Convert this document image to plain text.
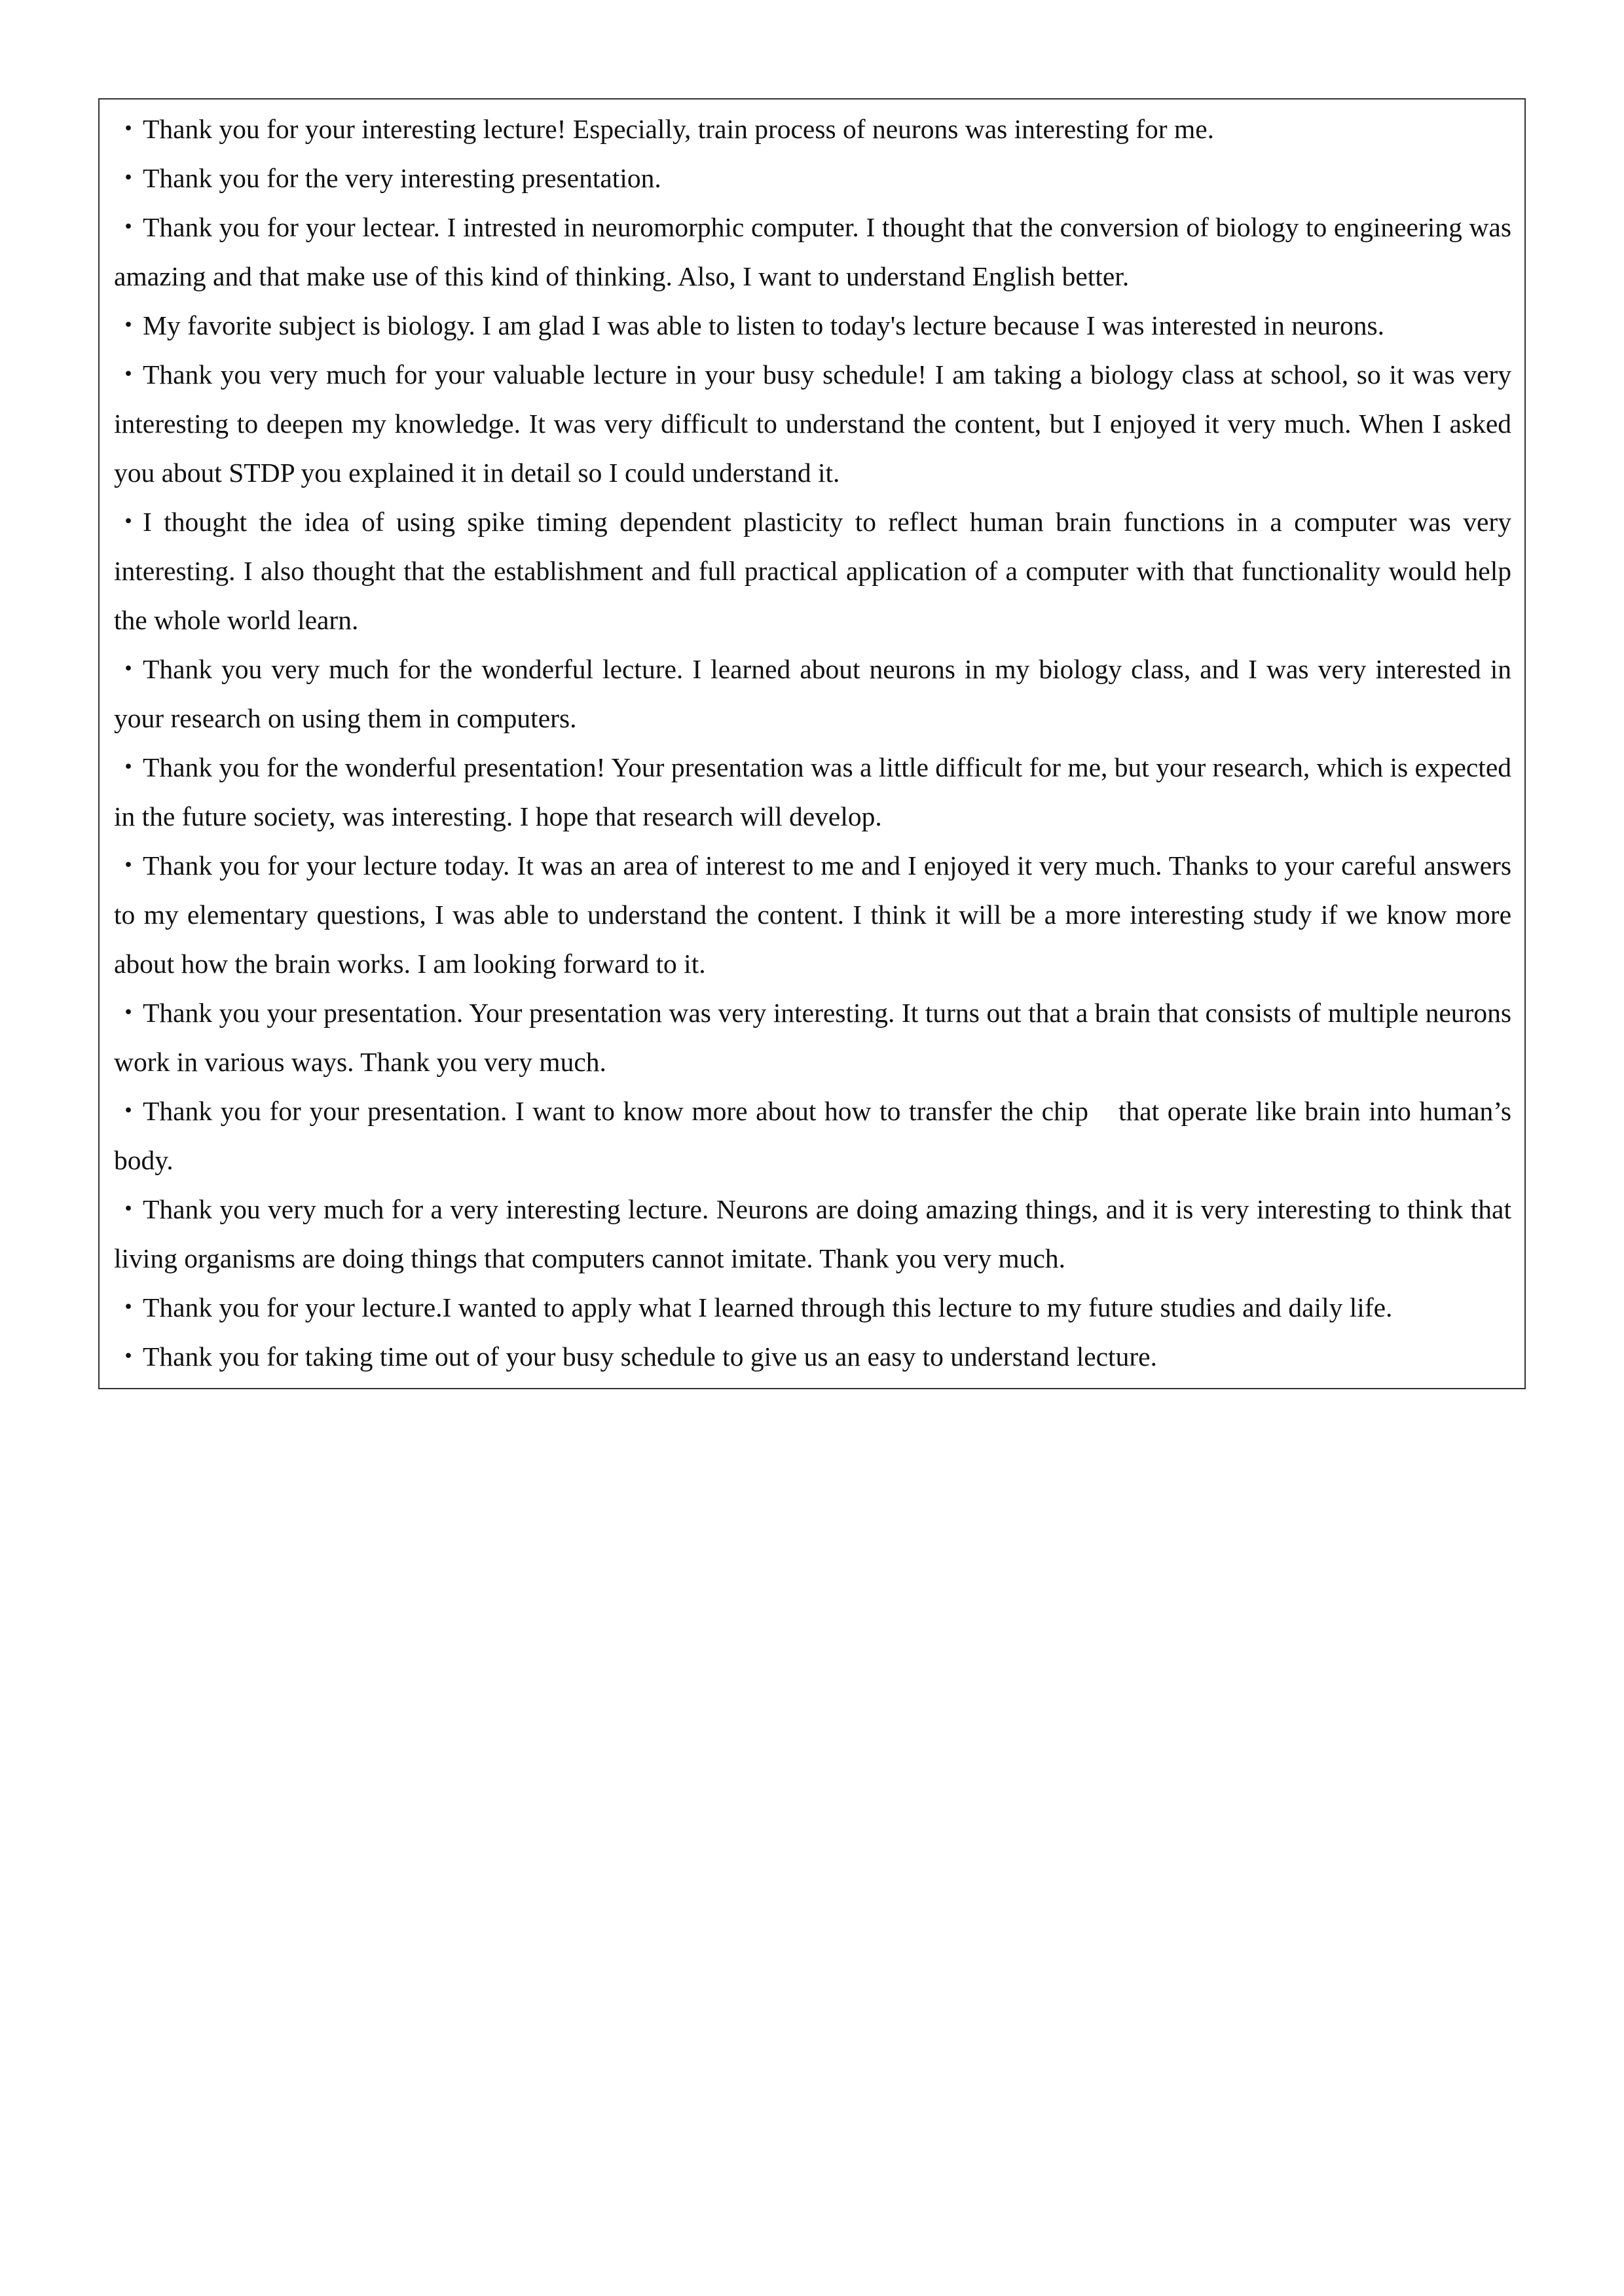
・Thank you for your interesting lecture! Especially, train process of neurons was interesting for me.
・Thank you for the very interesting presentation.
・Thank you for your lectear. I intrested in neuromorphic computer. I thought that the conversion of biology to engineering was amazing and that make use of this kind of thinking. Also, I want to understand English better.
・My favorite subject is biology. I am glad I was able to listen to today's lecture because I was interested in neurons.
・Thank you very much for your valuable lecture in your busy schedule! I am taking a biology class at school, so it was very interesting to deepen my knowledge. It was very difficult to understand the content, but I enjoyed it very much. When I asked you about STDP you explained it in detail so I could understand it.
・I thought the idea of using spike timing dependent plasticity to reflect human brain functions in a computer was very interesting. I also thought that the establishment and full practical application of a computer with that functionality would help the whole world learn.
・Thank you very much for the wonderful lecture. I learned about neurons in my biology class, and I was very interested in your research on using them in computers.
・Thank you for the wonderful presentation! Your presentation was a little difficult for me, but your research, which is expected in the future society, was interesting. I hope that research will develop.
・Thank you for your lecture today. It was an area of interest to me and I enjoyed it very much. Thanks to your careful answers to my elementary questions, I was able to understand the content. I think it will be a more interesting study if we know more about how the brain works. I am looking forward to it.
・Thank you your presentation. Your presentation was very interesting. It turns out that a brain that consists of multiple neurons work in various ways. Thank you very much.
・Thank you for your presentation. I want to know more about how to transfer the chip　that operate like brain into human’s body.
・Thank you very much for a very interesting lecture. Neurons are doing amazing things, and it is very interesting to think that living organisms are doing things that computers cannot imitate. Thank you very much.
・Thank you for your lecture.I wanted to apply what I learned through this lecture to my future studies and daily life.
・Thank you for taking time out of your busy schedule to give us an easy to understand lecture.
